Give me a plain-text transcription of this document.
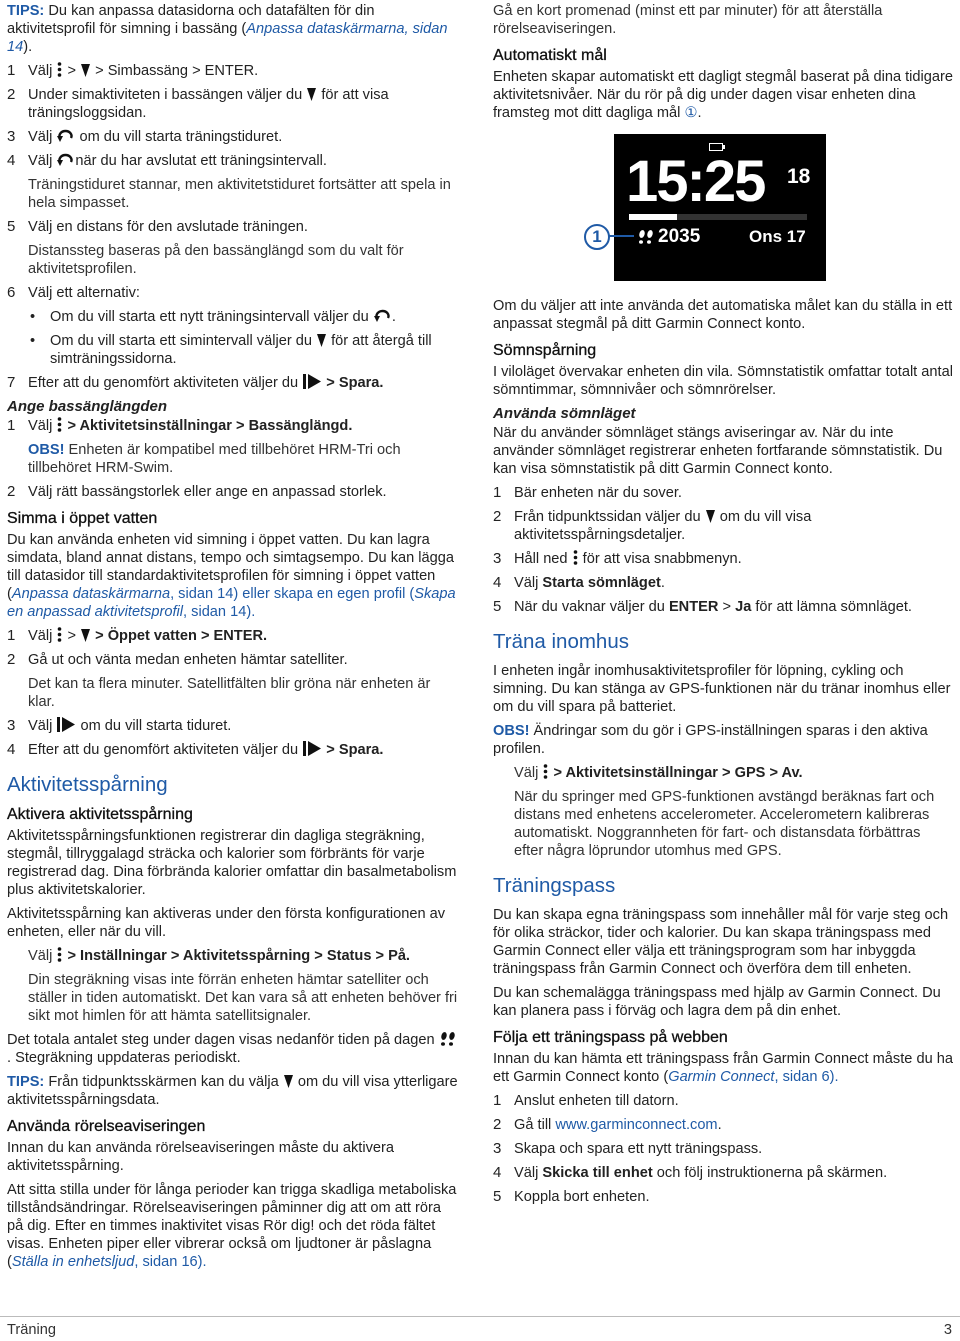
TIPS: Du kan anpassa datasidorna och datafälten för din aktivitetsprofil för simning i bassäng (Anpassa dataskärmarna, sidan 14).

1 Välj > > Simbassäng > ENTER.
2 Under simaktiviteten i bassängen väljer du för att visa träningsloggsidan.
3 Välj om du vill starta träningstiduret.
4 Välj när du har avslutat ett träningsintervall.

Träningstiduret stannar, men aktivitetstiduret fortsätter att spela in hela simpasset.

5 Välj en distans för den avslutade träningen.

Distanssteg baseras på den bassänglängd som du valt för aktivitetsprofilen.

6 Välj ett alternativ:
• Om du vill starta ett nytt träningsintervall väljer du .
• Om du vill starta ett simintervall väljer du för att återgå till simträningssidorna.
7 Efter att du genomfört aktiviteten väljer du > Spara.
Ange bassänglängden
1 Välj > Aktivitetsinställningar > Bassänglängd.

OBS! Enheten är kompatibel med tillbehöret HRM-Tri och tillbehöret HRM-Swim.

2 Välj rätt bassängstorlek eller ange en anpassad storlek.
Simma i öppet vatten

Du kan använda enheten vid simning i öppet vatten. Du kan lagra simdata, bland annat distans, tempo och simtagsempo. Du kan lägga till datasidor till standardaktivitetsprofilen för simning i öppet vatten (Anpassa dataskärmarna, sidan 14) eller skapa en egen profil (Skapa en anpassad aktivitetsprofil, sidan 14).

1 Välj > > Öppet vatten > ENTER.
2 Gå ut och vänta medan enheten hämtar satelliter.

Det kan ta flera minuter. Satellitfälten blir gröna när enheten är klar.

3 Välj om du vill starta tiduret.
4 Efter att du genomfört aktiviteten väljer du > Spara.
Aktivitetsspårning
Aktivera aktivitetsspårning

Aktivitetsspårningsfunktionen registrerar din dagliga stegräkning, stegmål, tillryggalagd sträcka och kalorier som förbränts för varje registrerad dag. Dina förbrända kalorier omfattar din basalmetabolism plus aktivitetskalorier.

Aktivitetsspårning kan aktiveras under den första konfigurationen av enheten, eller när du vill.

Välj > Inställningar > Aktivitetsspårning > Status > På.

Din stegräkning visas inte förrän enheten hämtar satelliter och ställer in tiden automatiskt. Det kan vara så att enheten behöver fri sikt mot himlen för att hämta satellitsignaler.

Det totala antalet steg under dagen visas nedanför tiden på dagen
. Stegräkning uppdateras periodiskt.

TIPS: Från tidpunktsskärmen kan du välja om du vill visa ytterligare aktivitetsspårningsdata.

Använda rörelseaviseringen

Innan du kan använda rörelseaviseringen måste du aktivera aktivitetsspårning.

Att sitta stilla under för långa perioder kan trigga skadliga metaboliska tillståndsändringar. Rörelseaviseringen påminner dig att om att röra på dig. Efter en timmes inaktivitet visas Rör dig! och det röda fältet visas. Enheten piper eller vibrerar också om ljudtoner är påslagna (Ställa in enhetsljud, sidan 16).

Gå en kort promenad (minst ett par minuter) för att återställa rörelseaviseringen.

Automatiskt mål

Enheten skapar automatiskt ett dagligt stegmål baserat på dina tidigare aktivitetsnivåer. När du rör på dig under dagen visar enheten dina framsteg mot ditt dagliga mål ①.

15:25 18
2035	Ons 17
1

Om du väljer att inte använda det automatiska målet kan du ställa in ett anpassat stegmål på ditt Garmin Connect konto.

Sömnspårning

I viloläget övervakar enheten din vila. Sömnstatistik omfattar totalt antal sömntimmar, sömnnivåer och sömnrörelser.

Använda sömnläget

När du använder sömnläget stängs aviseringar av. När du inte använder sömnläget registrerar enheten fortfarande sömnstatistik. Du kan visa sömnstatistik på ditt Garmin Connect konto.

1 Bär enheten när du sover.
2 Från tidpunktssidan väljer du om du vill visa aktivitetsspårningsdetaljer.
3 Håll ned för att visa snabbmenyn.
4 Välj Starta sömnläget.
5 När du vaknar väljer du ENTER > Ja för att lämna sömnläget.
Träna inomhus

I enheten ingår inomhusaktivitetsprofiler för löpning, cykling och simning. Du kan stänga av GPS-funktionen när du tränar inomhus eller om du vill spara på batteriet.

OBS! Ändringar som du gör i GPS-inställningen sparas i den aktiva profilen.

Välj > Aktivitetsinställningar > GPS > Av.

När du springer med GPS-funktionen avstängd beräknas fart och distans med enhetens accelerometer. Accelerometern kalibreras automatiskt. Noggrannheten för fart- och distansdata förbättras efter några löprundor utomhus med GPS.

Träningspass

Du kan skapa egna träningspass som innehåller mål för varje steg och för olika sträckor, tider och kalorier. Du kan skapa träningspass med Garmin Connect eller välja ett träningsprogram som har inbyggda träningspass från Garmin Connect och överföra dem till enheten.

Du kan schemalägga träningspass med hjälp av Garmin Connect. Du kan planera pass i förväg och lagra dem på din enhet.

Följa ett träningspass på webben

Innan du kan hämta ett träningspass från Garmin Connect måste du ha ett Garmin Connect konto (Garmin Connect, sidan 6).

1 Anslut enheten till datorn.
2 Gå till www.garminconnect.com.
3 Skapa och spara ett nytt träningspass.
4 Välj Skicka till enhet och följ instruktionerna på skärmen.
5 Koppla bort enheten.
Träning	3
